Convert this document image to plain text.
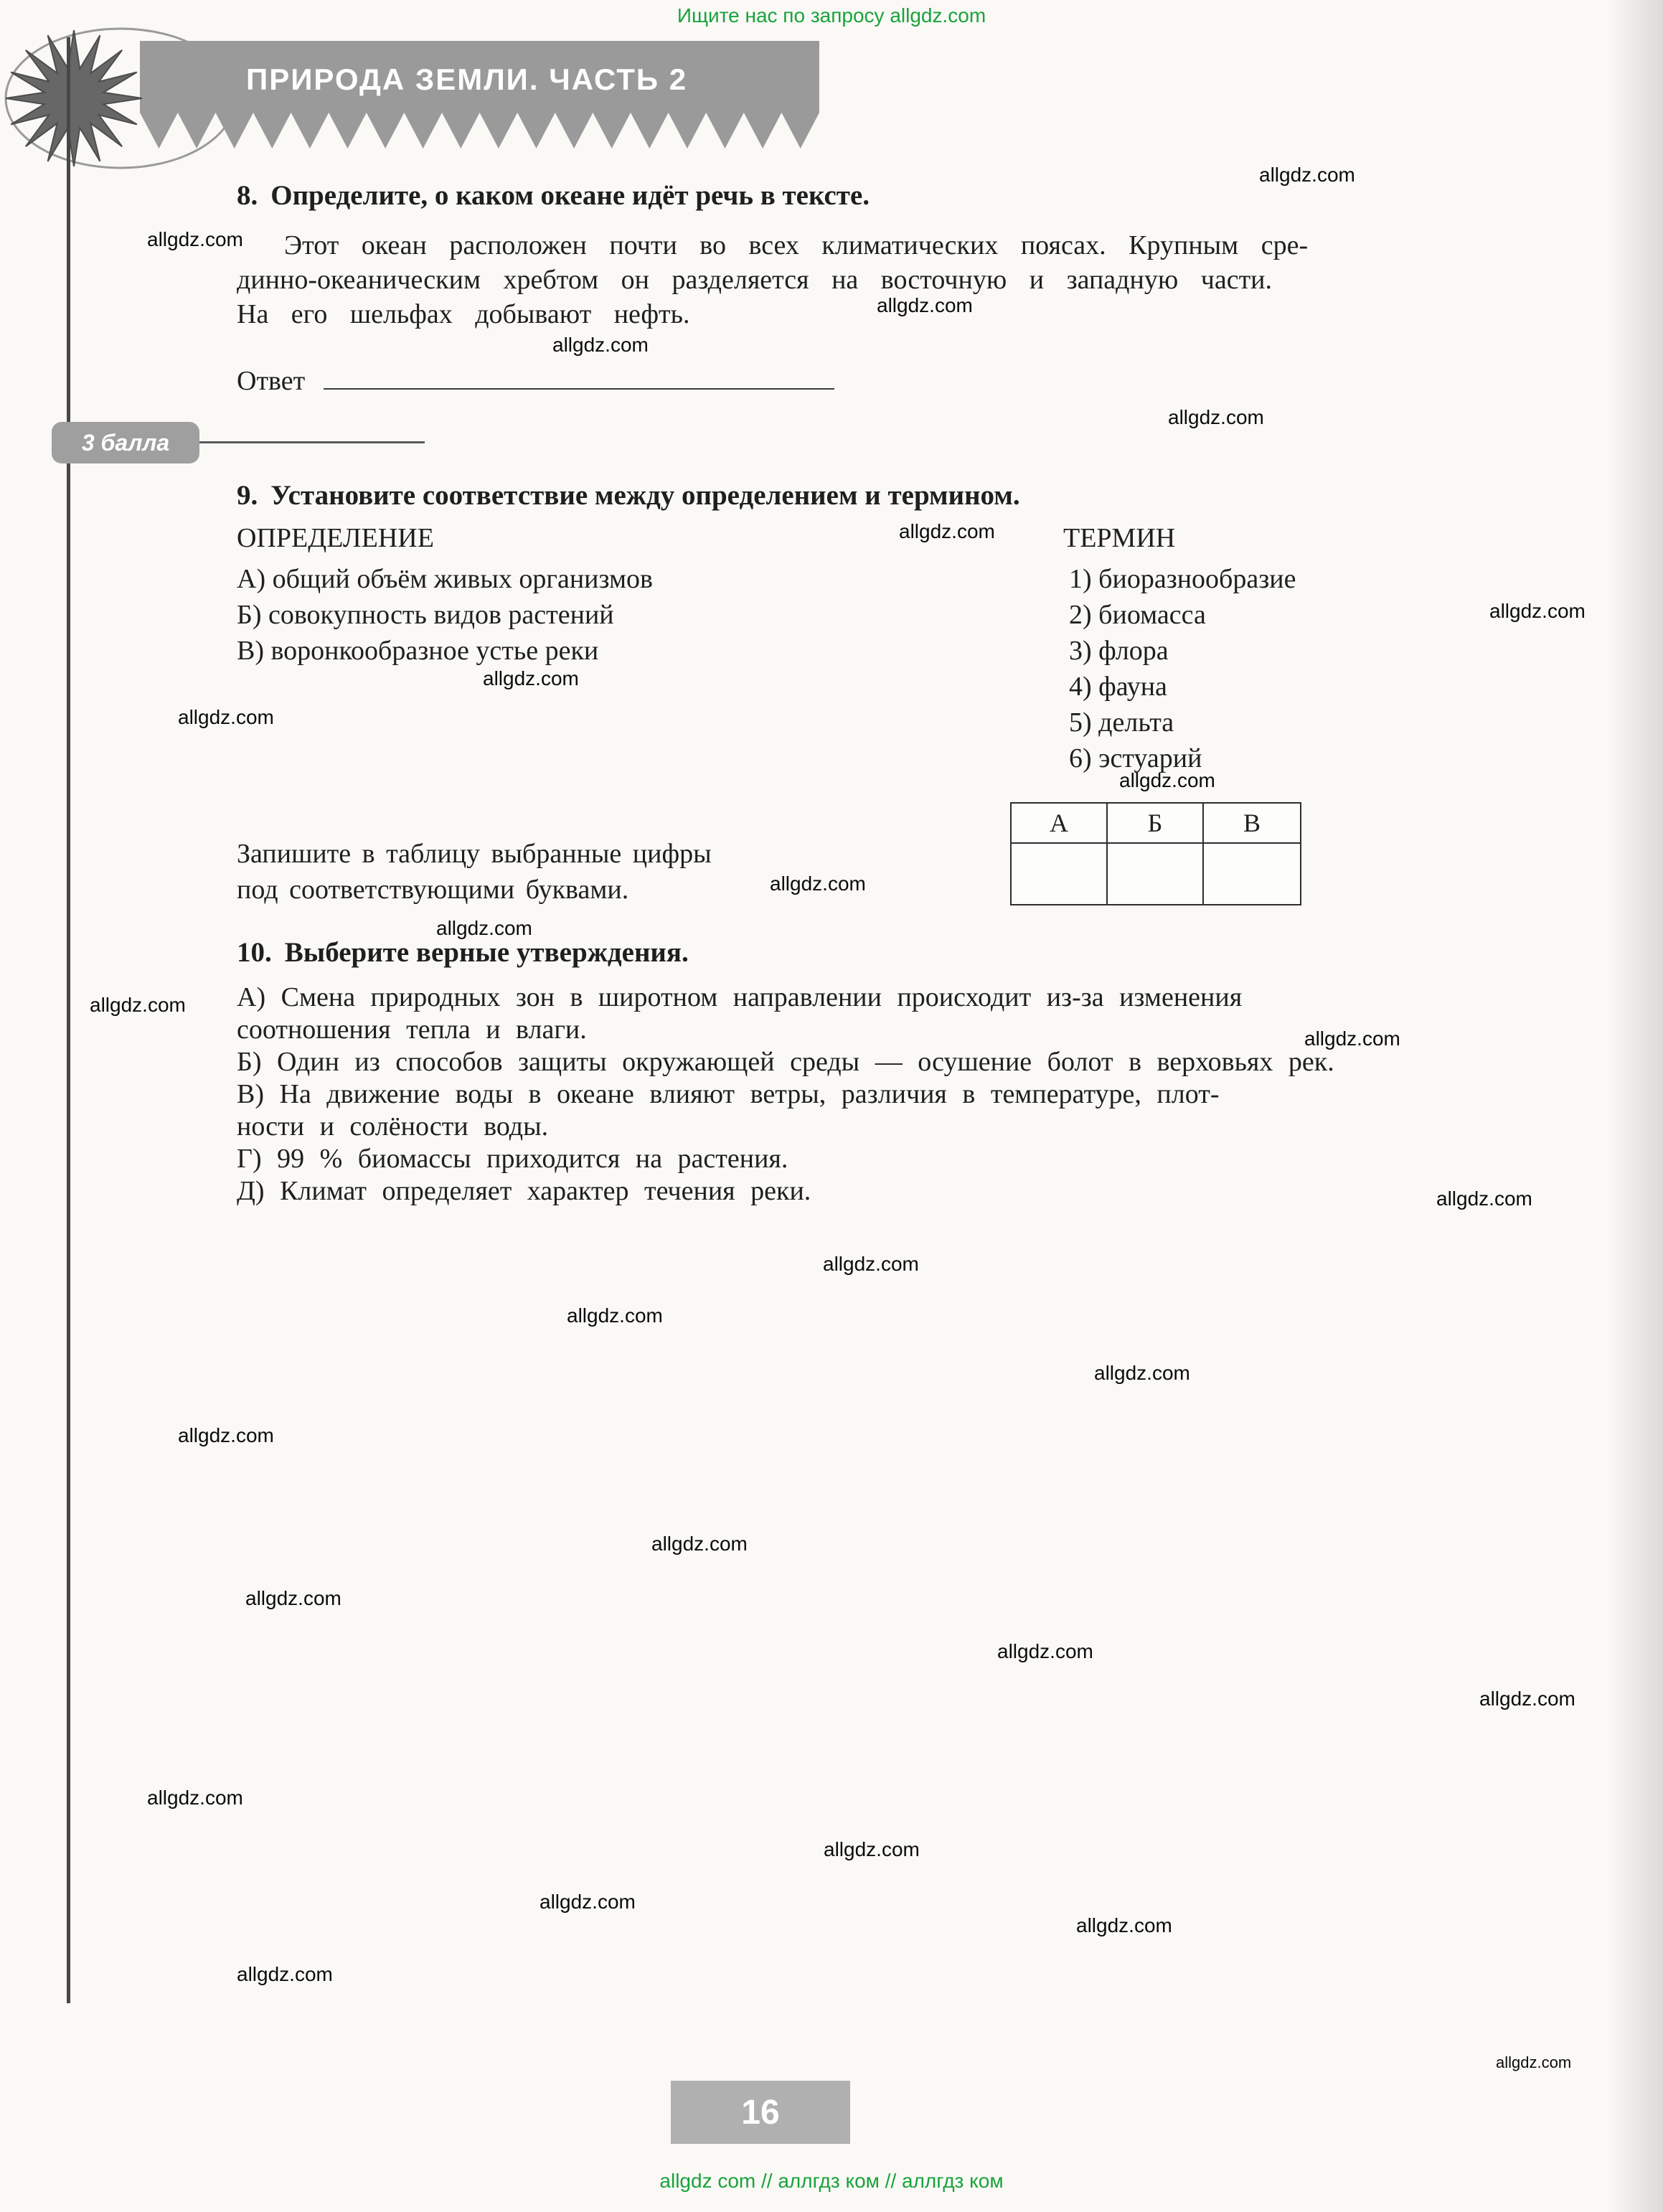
Ищите нас по запросу allgdz.com
ПРИРОДА ЗЕМЛИ. ЧАСТЬ 2
8. Определите, о каком океане идёт речь в тексте.
Этот океан расположен почти во всех климатических поясах. Крупным сре-
динно-океаническим хребтом он разделяется на восточную и западную части.
На его шельфах добывают нефть.
Ответ
3 балла
9. Установите соответствие между определением и термином.
ОПРЕДЕЛЕНИЕ	ТЕРМИН
А) общий объём живых организмов
Б) совокупность видов растений
В) воронкообразное устье реки
1) биоразнообразие
2) биомасса
3) флора
4) фауна
5) дельта
6) эстуарий
Запишите в таблицу выбранные цифры
под соответствующими буквами.
А	Б	В
10. Выберите верные утверждения.
А) Смена природных зон в широтном направлении происходит из-за изменения
соотношения тепла и влаги.
Б) Один из способов защиты окружающей среды — осушение болот в верховьях рек.
В) На движение воды в океане влияют ветры, различия в температуре, плот-
ности и солёности воды.
Г) 99 % биомассы приходится на растения.
Д) Климат определяет характер течения реки.
16
allgdz com // аллгдз ком // аллгдз ком
allgdz.com
allgdz.com
allgdz.com
allgdz.com
allgdz.com
allgdz.com
allgdz.com
allgdz.com
allgdz.com
allgdz.com
allgdz.com
allgdz.com
allgdz.com
allgdz.com
allgdz.com
allgdz.com
allgdz.com
allgdz.com
allgdz.com
allgdz.com
allgdz.com
allgdz.com
allgdz.com
allgdz.com
allgdz.com
allgdz.com
allgdz.com
allgdz.com
allgdz.com
